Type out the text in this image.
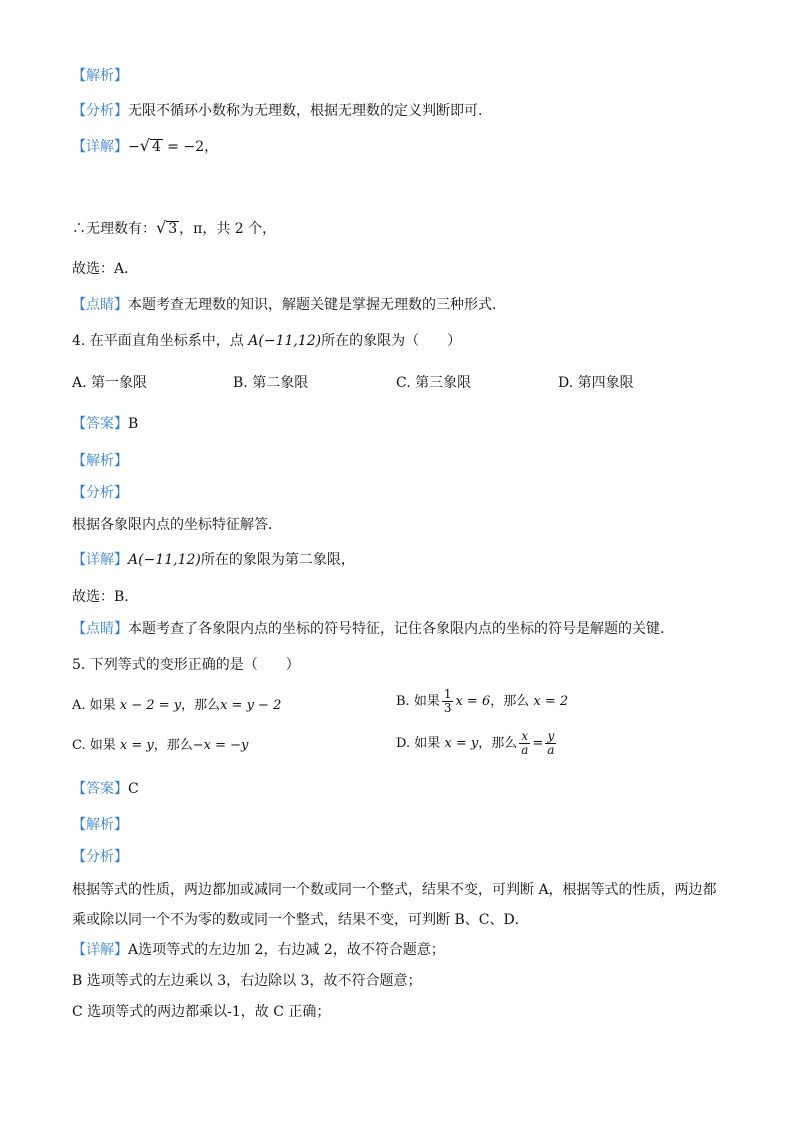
【解析】
【分析】无限不循环小数称为无理数，根据无理数的定义判断即可．
【详解】−√ 4 = −2，
∴无理数有：√ 3 ，π，共 2 个，
故选：A．
【点睛】本题考查无理数的知识，解题关键是掌握无理数的三种形式．
4. 在平面直角坐标系中，点 A(−11,12)所在的象限为（　　）
A. 第一象限	B. 第二象限	C. 第三象限	D. 第四象限
【答案】B
【解析】
【分析】
根据各象限内点的坐标特征解答．
【详解】A(−11,12)所在的象限为第二象限，
故选：B．
【点睛】本题考查了各象限内点的坐标的符号特征，记住各象限内点的坐标的符号是解题的关键．
5. 下列等式的变形正确的是（　　）
A. 如果 x − 2 = y，那么x = y − 2	B. 如果 $\frac{1}{3}$ x = 6，那么 x = 2
C. 如果 x = y，那么−x = −y	D. 如果 x = y，那么 $\frac{x}{a} = \frac{y}{a}$
【答案】C
【解析】
【分析】
根据等式的性质，两边都加或减同一个数或同一个整式，结果不变，可判断 A，根据等式的性质，两边都
乘或除以同一个不为零的数或同一个整式，结果不变，可判断 B、C、D．
【详解】A选项等式的左边加 2，右边减 2，故不符合题意；
B 选项等式的左边乘以 3，右边除以 3，故不符合题意；
C 选项等式的两边都乘以-1，故 C 正确；
